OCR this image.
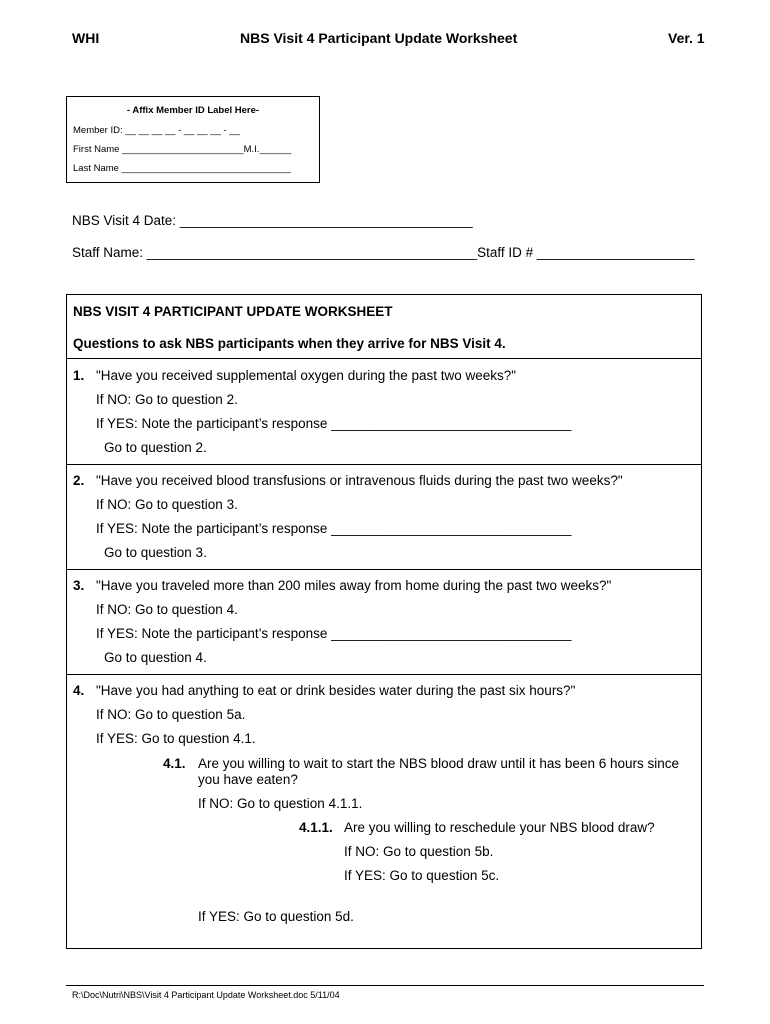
WHI	NBS Visit 4 Participant Update Worksheet	Ver. 1
- Affix Member ID Label Here-
Member ID: __ __ __ __ - __ __ __ - __
First Name _______________________M.I.______
Last Name ________________________________
NBS Visit 4 Date: _______________________________________
Staff Name: ____________________________________________Staff ID # _____________________
NBS VISIT 4 PARTICIPANT UPDATE WORKSHEET
Questions to ask NBS participants when they arrive for NBS Visit 4.
1. "Have you received supplemental oxygen during the past two weeks?"
If NO: Go to question 2.
If YES: Note the participant’s response ________________________________
Go to question 2.
2. "Have you received blood transfusions or intravenous fluids during the past two weeks?"
If NO: Go to question 3.
If YES: Note the participant’s response ________________________________
Go to question 3.
3. "Have you traveled more than 200 miles away from home during the past two weeks?"
If NO: Go to question 4.
If YES: Note the participant’s response ________________________________
Go to question 4.
4. "Have you had anything to eat or drink besides water during the past six hours?"
If NO: Go to question 5a.
If YES: Go to question 4.1.
4.1. Are you willing to wait to start the NBS blood draw until it has been 6 hours since
you have eaten?
If NO: Go to question 4.1.1.
4.1.1. Are you willing to reschedule your NBS blood draw?
If NO: Go to question 5b.
If YES: Go to question 5c.
If YES: Go to question 5d.
R:\Doc\Nutri\NBS\Visit 4 Participant Update Worksheet.doc 5/11/04
